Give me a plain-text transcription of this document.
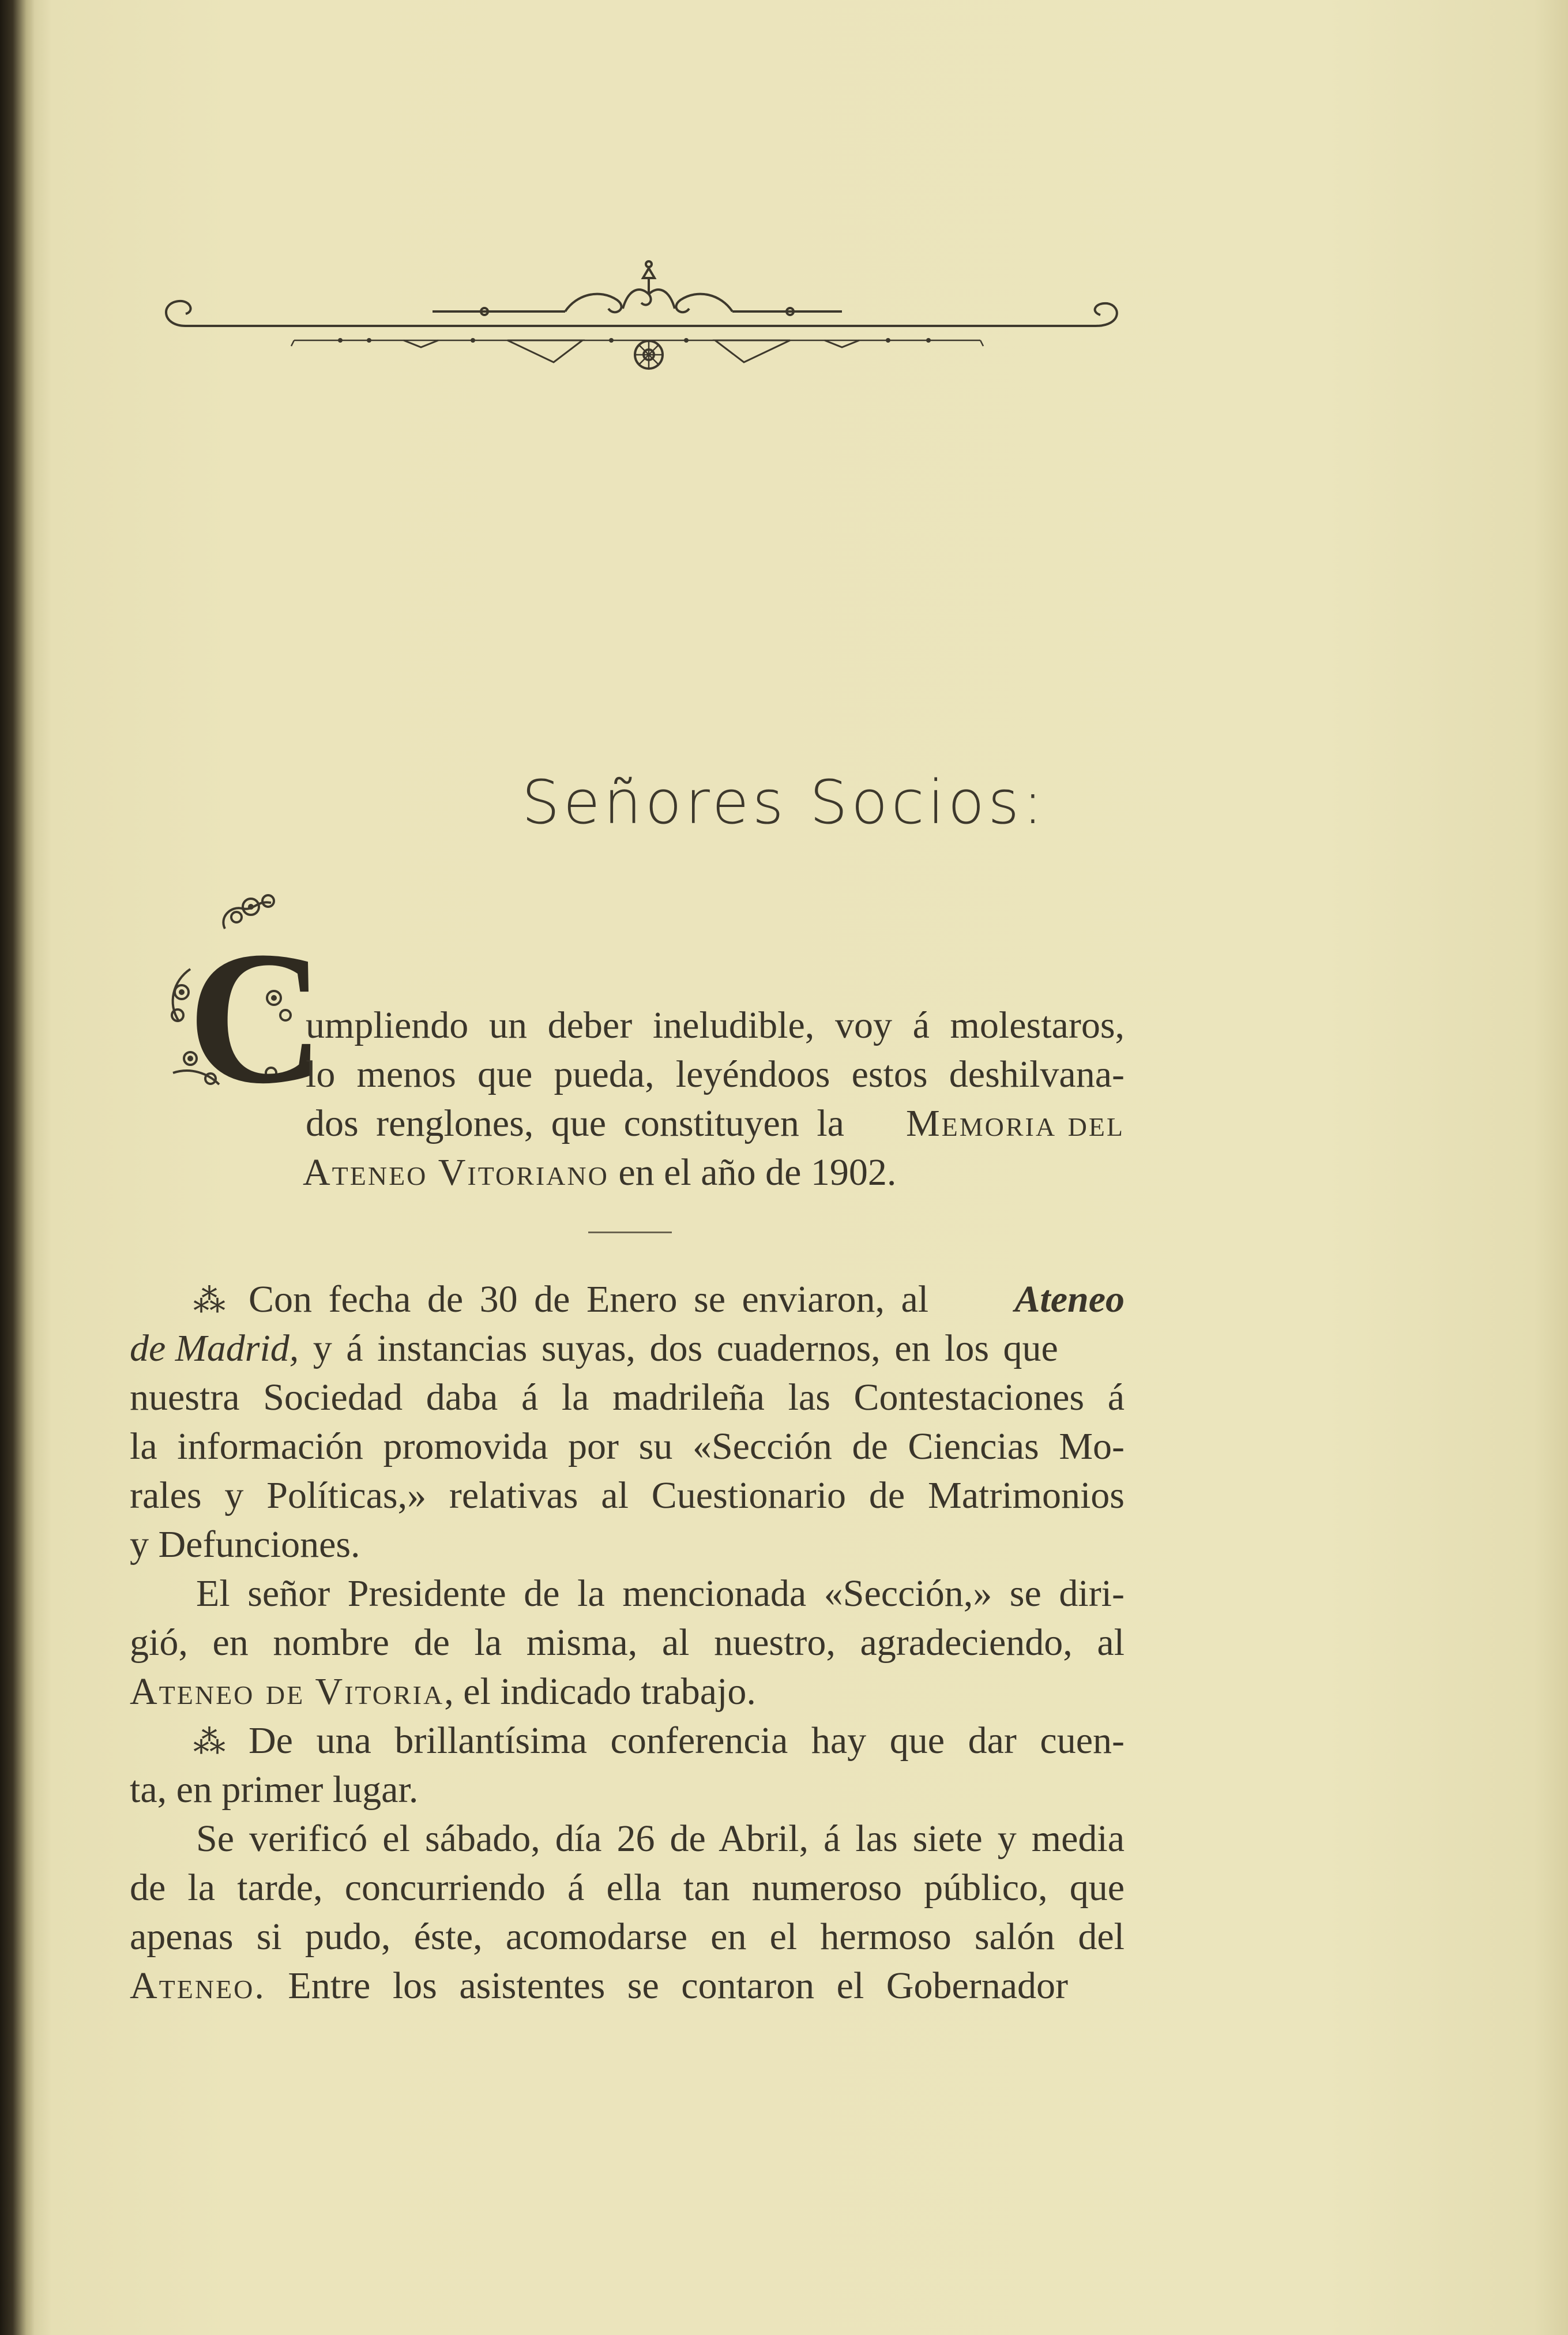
Señores Socios:
C
umpliendo un deber ineludible, voy á molestaros,
lo menos que pueda, leyéndoos estos deshilvana-
dos renglones, que constituyen la Memoria del
Ateneo Vitoriano en el año de 1902.
⁂ Con fecha de 30 de Enero se enviaron, al Ateneo
de Madrid, y á instancias suyas, dos cuadernos, en los que
nuestra Sociedad daba á la madrileña las Contestaciones á
la información promovida por su «Sección de Ciencias Mo-
rales y Políticas,» relativas al Cuestionario de Matrimonios
y Defunciones.
El señor Presidente de la mencionada «Sección,» se diri-
gió, en nombre de la misma, al nuestro, agradeciendo, al
Ateneo de Vitoria, el indicado trabajo.
⁂ De una brillantísima conferencia hay que dar cuen-
ta, en primer lugar.
Se verificó el sábado, día 26 de Abril, á las siete y media
de la tarde, concurriendo á ella tan numeroso público, que
apenas si pudo, éste, acomodarse en el hermoso salón del
Ateneo. Entre los asistentes se contaron el Gobernador
